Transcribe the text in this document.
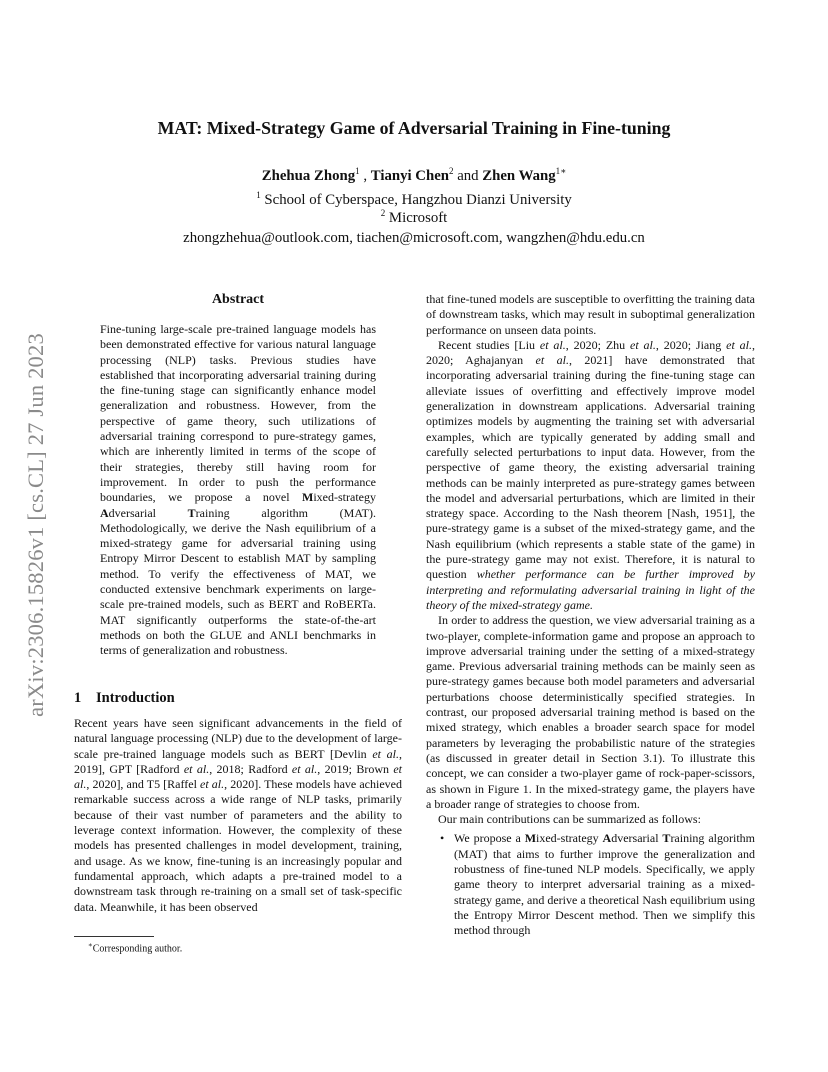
arXiv:2306.15826v1 [cs.CL] 27 Jun 2023
MAT: Mixed-Strategy Game of Adversarial Training in Fine-tuning
Zhehua Zhong$^1$ , Tianyi Chen$^2$ and Zhen Wang$^{1∗}$
$^1$ School of Cyberspace, Hangzhou Dianzi University
$^2$ Microsoft
zhongzhehua@outlook.com, tiachen@microsoft.com, wangzhen@hdu.edu.cn
Abstract

Fine-tuning large-scale pre-trained language models has been demonstrated effective for various natural language processing (NLP) tasks. Previous studies have established that incorporating adversarial training during the fine-tuning stage can significantly enhance model generalization and robustness. However, from the perspective of game theory, such utilizations of adversarial training correspond to pure-strategy games, which are inherently limited in terms of the scope of their strategies, thereby still having room for improvement. In order to push the performance boundaries, we propose a novel Mixed-strategy Adversarial Training algorithm (MAT). Methodologically, we derive the Nash equilibrium of a mixed-strategy game for adversarial training using Entropy Mirror Descent to establish MAT by sampling method. To verify the effectiveness of MAT, we conducted extensive benchmark experiments on large-scale pre-trained models, such as BERT and RoBERTa. MAT significantly outperforms the state-of-the-art methods on both the GLUE and ANLI benchmarks in terms of generalization and robustness.

1 Introduction

Recent years have seen significant advancements in the field of natural language processing (NLP) due to the development of large-scale pre-trained language models such as BERT [Devlin et al., 2019], GPT [Radford et al., 2018; Radford et al., 2019; Brown et al., 2020], and T5 [Raffel et al., 2020]. These models have achieved remarkable success across a wide range of NLP tasks, primarily because of their vast number of parameters and the ability to leverage context information. However, the complexity of these models has presented challenges in model development, training, and usage. As we know, fine-tuning is an increasingly popular and fundamental approach, which adapts a pre-trained model to a downstream task through re-training on a small set of task-specific data. Meanwhile, it has been observed

∗Corresponding author.

that fine-tuned models are susceptible to overfitting the training data of downstream tasks, which may result in suboptimal generalization performance on unseen data points.

Recent studies [Liu et al., 2020; Zhu et al., 2020; Jiang et al., 2020; Aghajanyan et al., 2021] have demonstrated that incorporating adversarial training during the fine-tuning stage can alleviate issues of overfitting and effectively improve model generalization in downstream applications. Adversarial training optimizes models by augmenting the training set with adversarial examples, which are typically generated by adding small and carefully selected perturbations to input data. However, from the perspective of game theory, the existing adversarial training methods can be mainly interpreted as pure-strategy games between the model and adversarial perturbations, which are limited in their strategy space. According to the Nash theorem [Nash, 1951], the pure-strategy game is a subset of the mixed-strategy game, and the Nash equilibrium (which represents a stable state of the game) in the pure-strategy game may not exist. Therefore, it is natural to question whether performance can be further improved by interpreting and reformulating adversarial training in light of the theory of the mixed-strategy game.

In order to address the question, we view adversarial training as a two-player, complete-information game and propose an approach to improve adversarial training under the setting of a mixed-strategy game. Previous adversarial training methods can be mainly seen as pure-strategy games because both model parameters and adversarial perturbations choose deterministically specified strategies. In contrast, our proposed adversarial training method is based on the mixed strategy, which enables a broader search space for model parameters by leveraging the probabilistic nature of the strategies (as discussed in greater detail in Section 3.1). To illustrate this concept, we can consider a two-player game of rock-paper-scissors, as shown in Figure 1. In the mixed-strategy game, the players have a broader range of strategies to choose from.

Our main contributions can be summarized as follows:

• We propose a Mixed-strategy Adversarial Training algorithm (MAT) that aims to further improve the generalization and robustness of fine-tuned NLP models. Specifically, we apply game theory to interpret adversarial training as a mixed-strategy game, and derive a theoretical Nash equilibrium using the Entropy Mirror Descent method. Then we simplify this method through
